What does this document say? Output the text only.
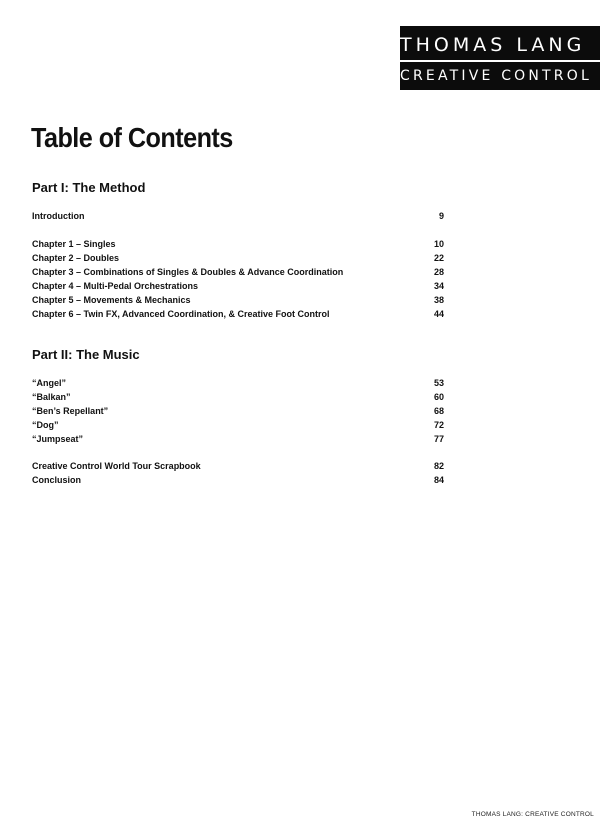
THOMAS LANG
CREATIVE CONTROL
Table of Contents
Part I: The Method
Introduction	9
Chapter 1 – Singles	10
Chapter 2 – Doubles	22
Chapter 3 – Combinations of Singles & Doubles & Advance Coordination	28
Chapter 4 – Multi-Pedal Orchestrations	34
Chapter 5 – Movements & Mechanics	38
Chapter 6 – Twin FX, Advanced Coordination, & Creative Foot Control	44
Part II: The Music
“Angel”	53
“Balkan”	60
“Ben’s Repellant”	68
“Dog”	72
“Jumpseat”	77
Creative Control World Tour Scrapbook	82
Conclusion	84
THOMAS LANG: CREATIVE CONTROL
